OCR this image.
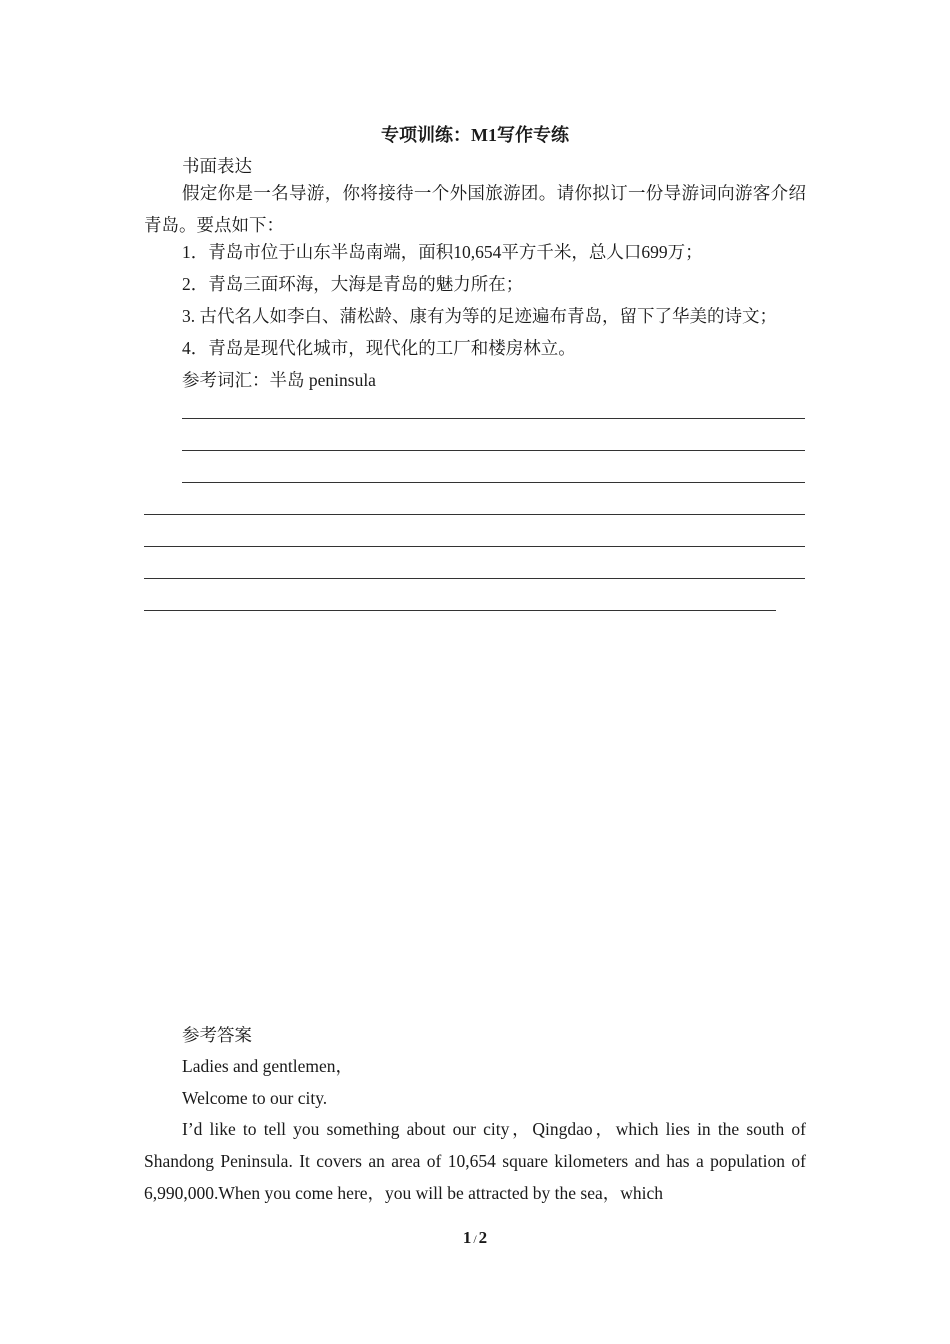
专项训练：M1写作专练
书面表达
假定你是一名导游，你将接待一个外国旅游团。请你拟订一份导游词向游客介绍青岛。要点如下：
1．青岛市位于山东半岛南端，面积10,654平方千米，总人口699万；
2．青岛三面环海，大海是青岛的魅力所在；
3. 古代名人如李白、蒲松龄、康有为等的足迹遍布青岛，留下了华美的诗文；
4．青岛是现代化城市，现代化的工厂和楼房林立。
参考词汇：半岛 peninsula
参考答案
Ladies and gentlemen，
Welcome to our city.
I’d like to tell you something about our city，Qingdao，which lies in the south of Shandong Peninsula. It covers an area of 10,654 square kilometers and has a population of 6,990,000.When you come here，you will be attracted by the sea，which
1 / 2
